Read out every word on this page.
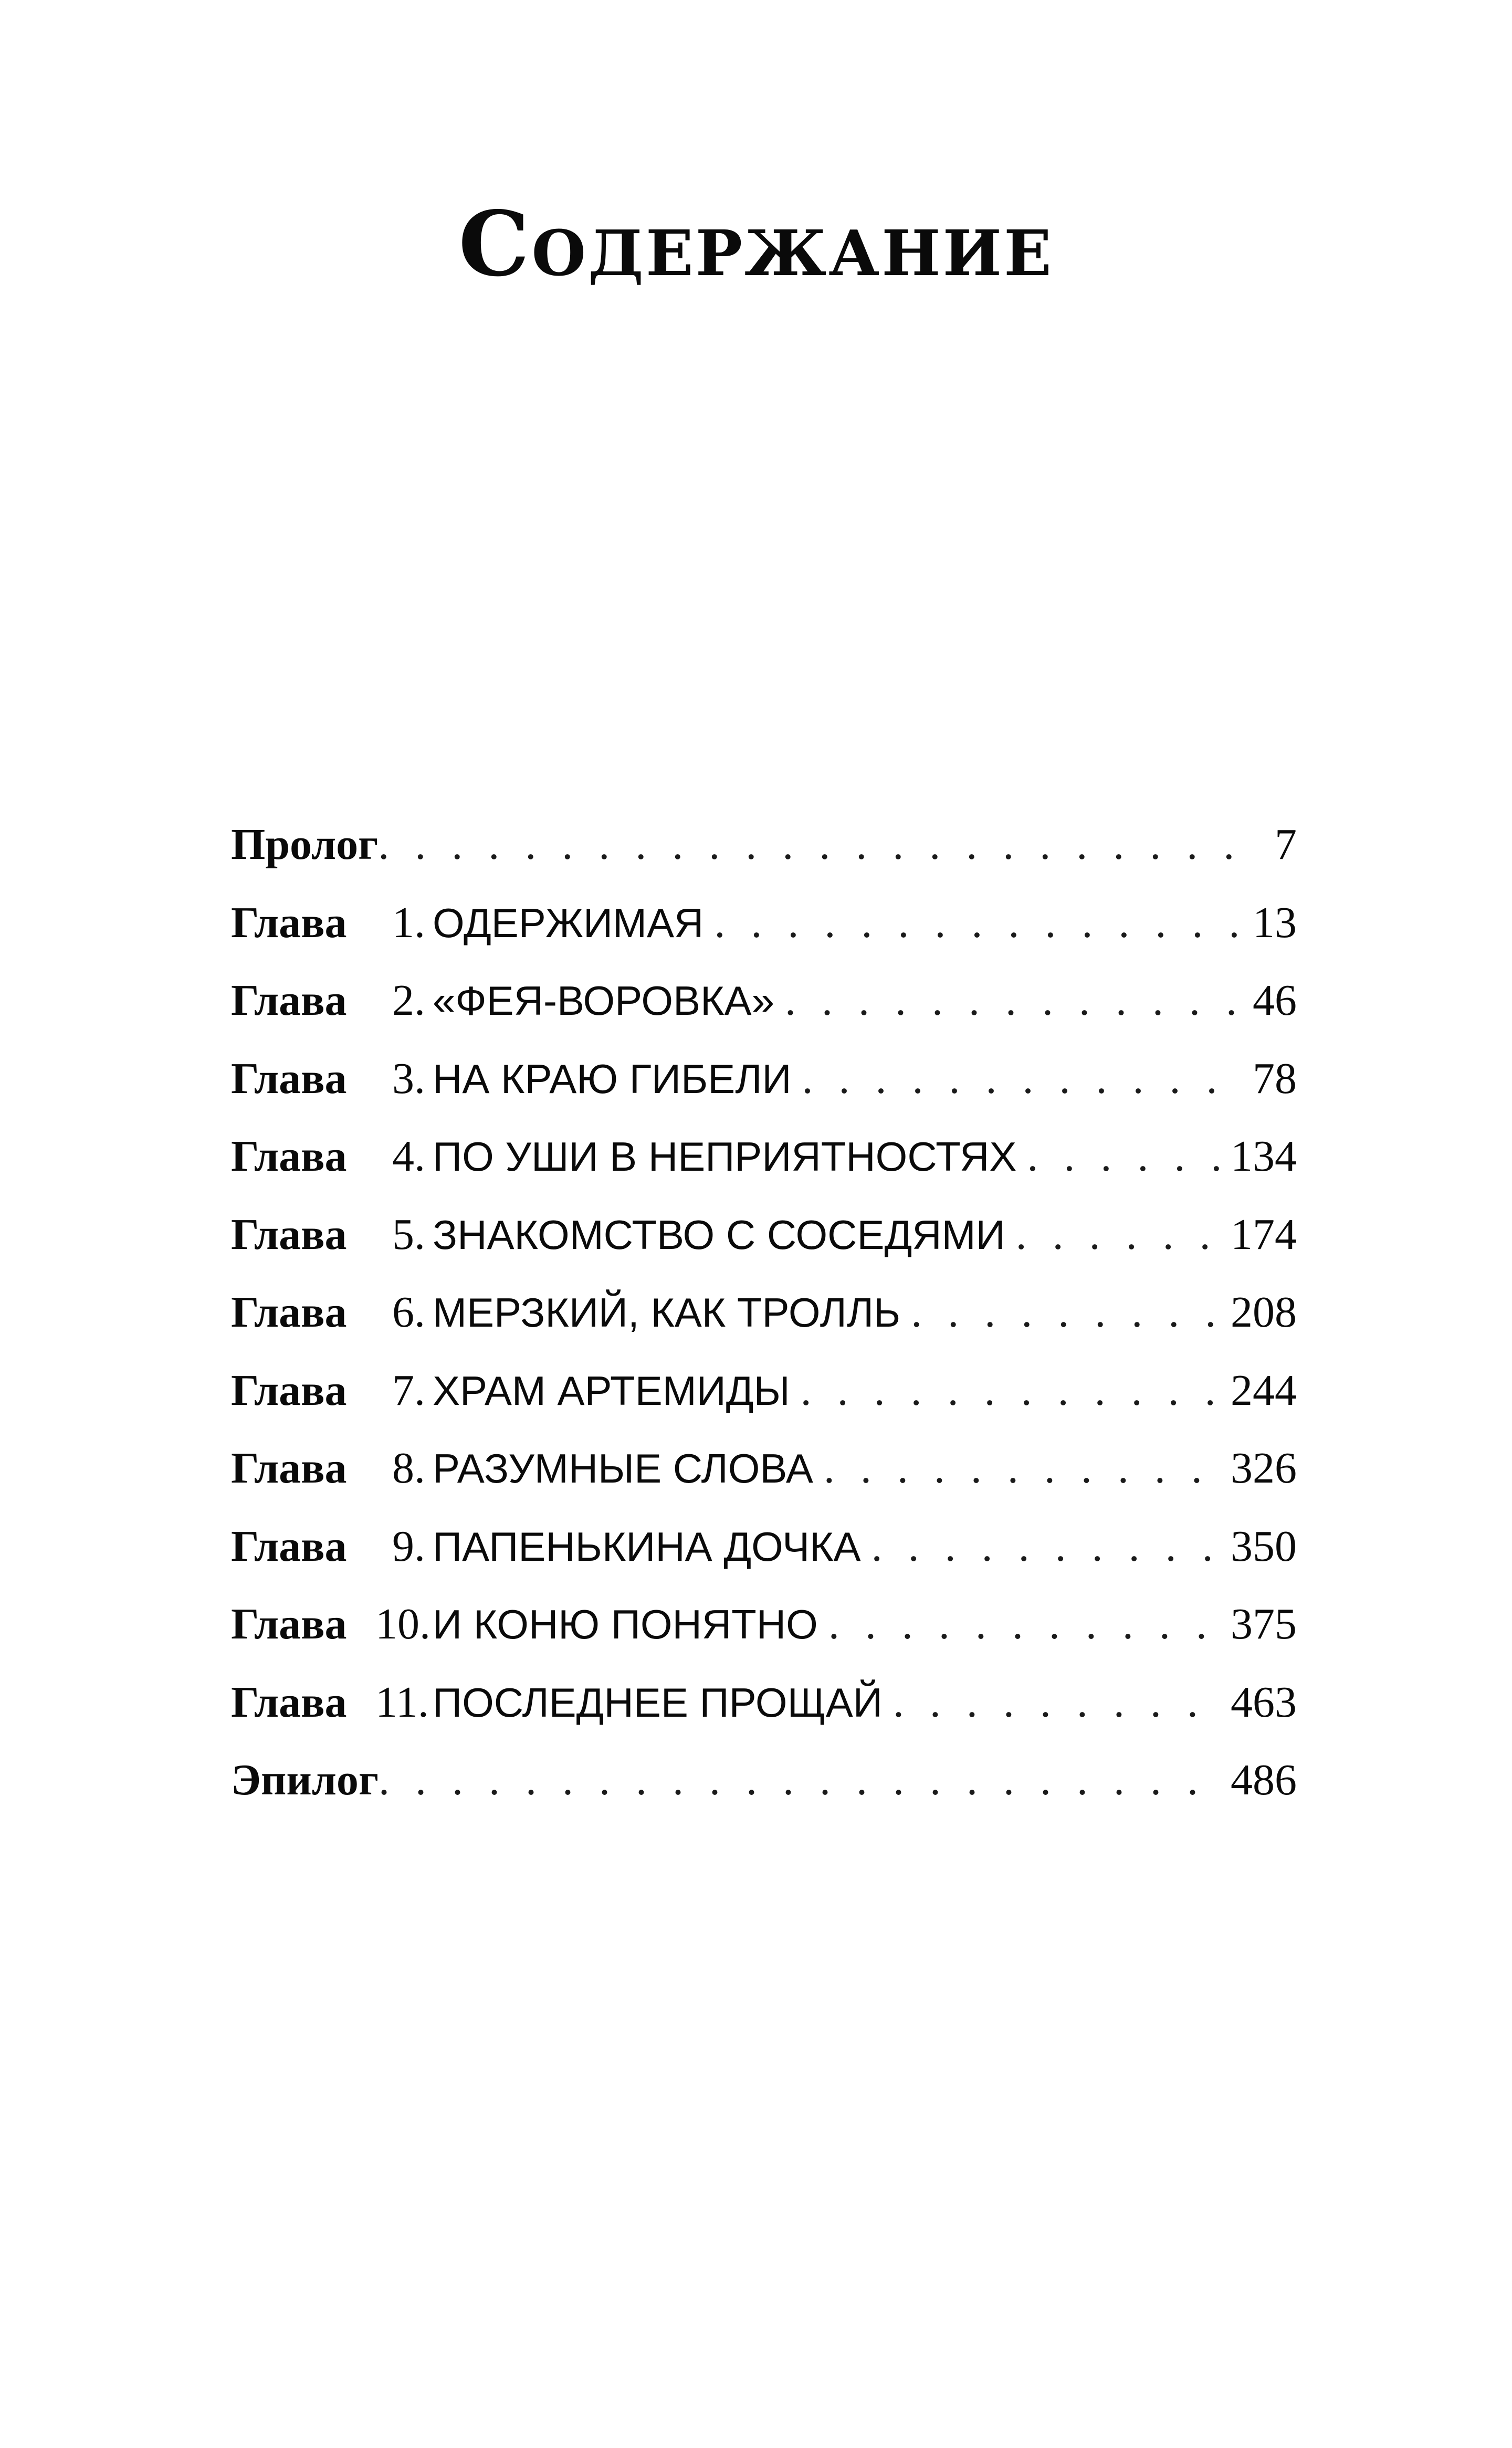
Содержание
Пролог . . .	7
Глава	1. ОДЕРЖИМАЯ . . .	13
Глава	2. «ФЕЯ-ВОРОВКА» . . .	46
Глава	3. НА КРАЮ ГИБЕЛИ . . .	78
Глава	4. ПО УШИ В НЕПРИЯТНОСТЯХ . . .	134
Глава	5. ЗНАКОМСТВО С СОСЕДЯМИ . . .	174
Глава	6. МЕРЗКИЙ, КАК ТРОЛЛЬ . . .	208
Глава	7. ХРАМ АРТЕМИДЫ . . .	244
Глава	8. РАЗУМНЫЕ СЛОВА . . .	326
Глава	9. ПАПЕНЬКИНА ДОЧКА . . .	350
Глава 10. И КОНЮ ПОНЯТНО . . .	375
Глава 11. ПОСЛЕДНЕЕ ПРОЩАЙ . . .	463
Эпилог . . .	486
